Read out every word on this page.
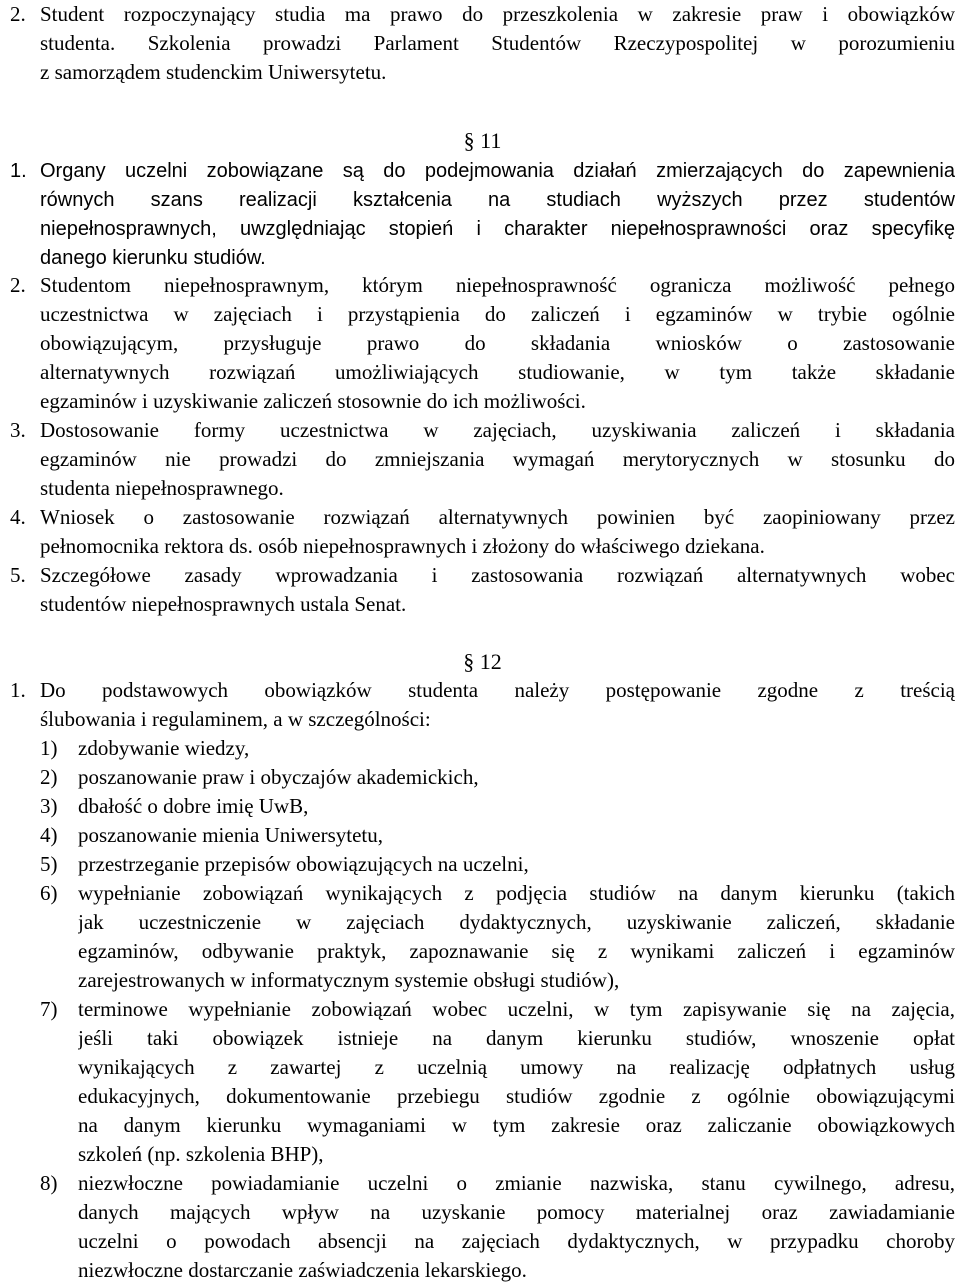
2. Student rozpoczynający studia ma prawo do przeszkolenia w zakresie praw i obowiązków
studenta. Szkolenia prowadzi Parlament Studentów Rzeczypospolitej w porozumieniu
z samorządem studenckim Uniwersytetu.
§ 11
1. Organy uczelni zobowiązane są do podejmowania działań zmierzających do zapewnienia
równych szans realizacji kształcenia na studiach wyższych przez studentów
niepełnosprawnych, uwzględniając stopień i charakter niepełnosprawności oraz specyfikę
danego kierunku studiów.
2. Studentom niepełnosprawnym, którym niepełnosprawność ogranicza możliwość pełnego
uczestnictwa w zajęciach i przystąpienia do zaliczeń i egzaminów w trybie ogólnie
obowiązującym, przysługuje prawo do składania wniosków o zastosowanie
alternatywnych rozwiązań umożliwiających studiowanie, w tym także składanie
egzaminów i uzyskiwanie zaliczeń stosownie do ich możliwości.
3. Dostosowanie formy uczestnictwa w zajęciach, uzyskiwania zaliczeń i składania
egzaminów nie prowadzi do zmniejszania wymagań merytorycznych w stosunku do
studenta niepełnosprawnego.
4. Wniosek o zastosowanie rozwiązań alternatywnych powinien być zaopiniowany przez
pełnomocnika rektora ds. osób niepełnosprawnych i złożony do właściwego dziekana.
5. Szczegółowe zasady wprowadzania i zastosowania rozwiązań alternatywnych wobec
studentów niepełnosprawnych ustala Senat.
§ 12
1. Do podstawowych obowiązków studenta należy postępowanie zgodne z treścią
ślubowania i regulaminem, a w szczególności:
1) zdobywanie wiedzy,
2) poszanowanie praw i obyczajów akademickich,
3) dbałość o dobre imię UwB,
4) poszanowanie mienia Uniwersytetu,
5) przestrzeganie przepisów obowiązujących na uczelni,
6) wypełnianie zobowiązań wynikających z podjęcia studiów na danym kierunku (takich
jak uczestniczenie w zajęciach dydaktycznych, uzyskiwanie zaliczeń, składanie
egzaminów, odbywanie praktyk, zapoznawanie się z wynikami zaliczeń i egzaminów
zarejestrowanych w informatycznym systemie obsługi studiów),
7) terminowe wypełnianie zobowiązań wobec uczelni, w tym zapisywanie się na zajęcia,
jeśli taki obowiązek istnieje na danym kierunku studiów, wnoszenie opłat
wynikających z zawartej z uczelnią umowy na realizację odpłatnych usług
edukacyjnych, dokumentowanie przebiegu studiów zgodnie z ogólnie obowiązującymi
na danym kierunku wymaganiami w tym zakresie oraz zaliczanie obowiązkowych
szkoleń (np. szkolenia BHP),
8) niezwłoczne powiadamianie uczelni o zmianie nazwiska, stanu cywilnego, adresu,
danych mających wpływ na uzyskanie pomocy materialnej oraz zawiadamianie
uczelni o powodach absencji na zajęciach dydaktycznych, w przypadku choroby
niezwłoczne dostarczanie zaświadczenia lekarskiego.
